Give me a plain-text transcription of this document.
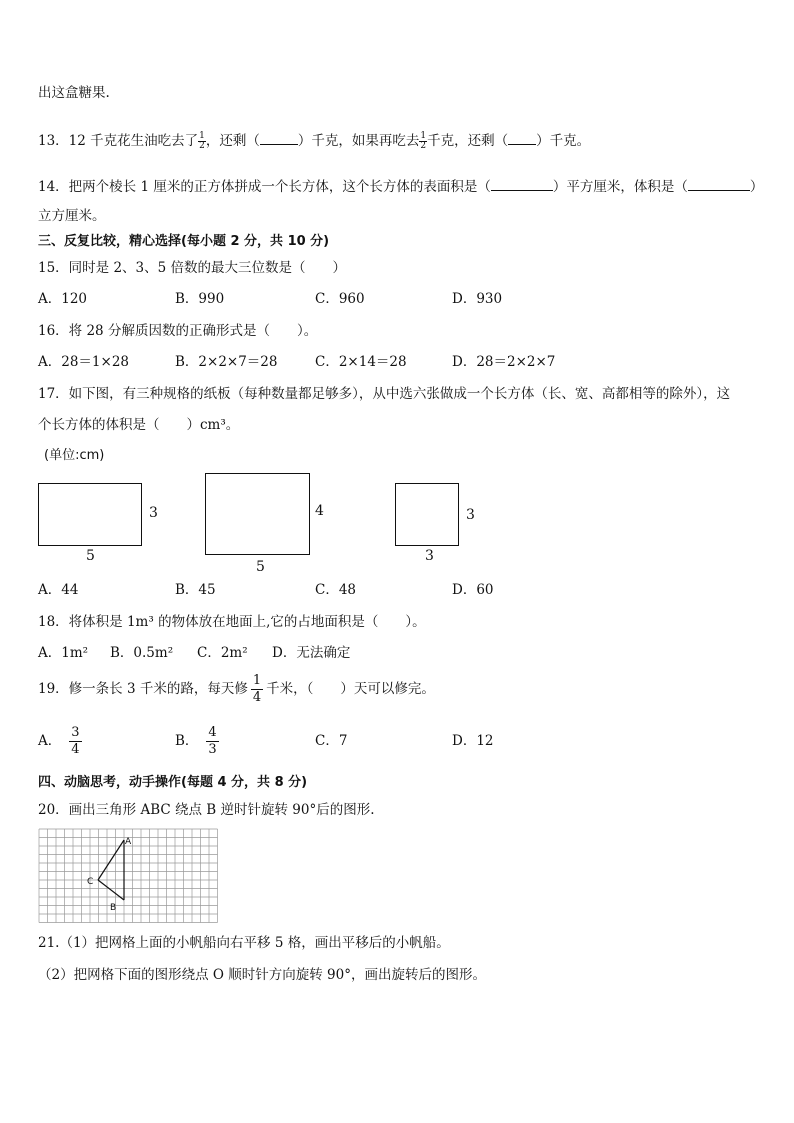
出这盒糖果.
13．12 千克花生油吃去了 $\frac{1}{2}$ ，还剩（	）千克，如果再吃去 $\frac{1}{2}$ 千克，还剩（ ）千克。
14．把两个棱长 1 厘米的正方体拼成一个长方体，这个长方体的表面积是（	）平方厘米，体积是（	）
立方厘米。
三、反复比较，精心选择(每小题 2 分，共 10 分)
15．同时是 2、3、5 倍数的最大三位数是（　　）
A．120	B．990	C．960	D．930
16．将 28 分解质因数的正确形式是（　　）。
A．28＝1×28	B．2×2×7＝28	C．2×14＝28	D．28＝2×2×7
17．如下图，有三种规格的纸板（每种数量都足够多），从中选六张做成一个长方体（长、宽、高都相等的除外），这
个长方体的体积是（　　）cm³。
(单位:cm)
3
5
4
5
3
3
A．44	B．45	C．48	D．60
18．将体积是 1m³ 的物体放在地面上,它的占地面积是（　　）。
A．1m² B．0.5m² C．2m² D．无法确定
19．修一条长 3 千米的路，每天修 $\frac{1}{4}$ 千米，（　　）天可以修完。
A． $\frac{3}{4}$	B． $\frac{4}{3}$	C．7	D．12
四、动脑思考，动手操作(每题 4 分，共 8 分)
20．画出三角形 ABC 绕点 B 逆时针旋转 90°后的图形.
A
B
C
21.（1）把网格上面的小帆船向右平移 5 格，画出平移后的小帆船。
（2）把网格下面的图形绕点 O 顺时针方向旋转 90°，画出旋转后的图形。
